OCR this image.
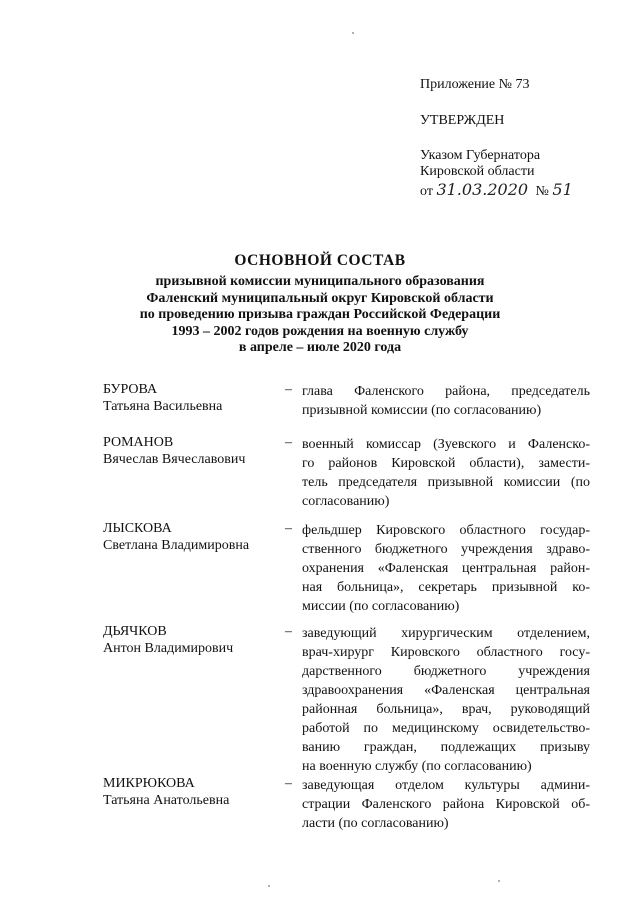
Приложение № 73
УТВЕРЖДЕН
Указом Губернатора
Кировской области
от 31.03.2020 № 51
ОСНОВНОЙ СОСТАВ
призывной комиссии муниципального образования
Фаленский муниципальный округ Кировской области
по проведению призыва граждан Российской Федерации
1993 – 2002 годов рождения на военную службу
в апреле – июле 2020 года
БУРОВА
Татьяна Васильевна
– глава Фаленского района, председатель
призывной комиссии (по согласованию)
РОМАНОВ
Вячеслав Вячеславович
– военный комиссар (Зуевского и Фаленско-
го районов Кировской области), замести-
тель председателя призывной комиссии (по
согласованию)
ЛЫСКОВА
Светлана Владимировна
– фельдшер Кировского областного государ-
ственного бюджетного учреждения здраво-
охранения «Фаленская центральная район-
ная больница», секретарь призывной ко-
миссии (по согласованию)
ДЬЯЧКОВ
Антон Владимирович
– заведующий хирургическим отделением,
врач-хирург Кировского областного госу-
дарственного бюджетного учреждения
здравоохранения «Фаленская центральная
районная больница», врач, руководящий
работой по медицинскому освидетельство-
ванию граждан, подлежащих призыву
на военную службу (по согласованию)
МИКРЮКОВА
Татьяна Анатольевна
– заведующая отделом культуры админи-
страции Фаленского района Кировской об-
ласти (по согласованию)
